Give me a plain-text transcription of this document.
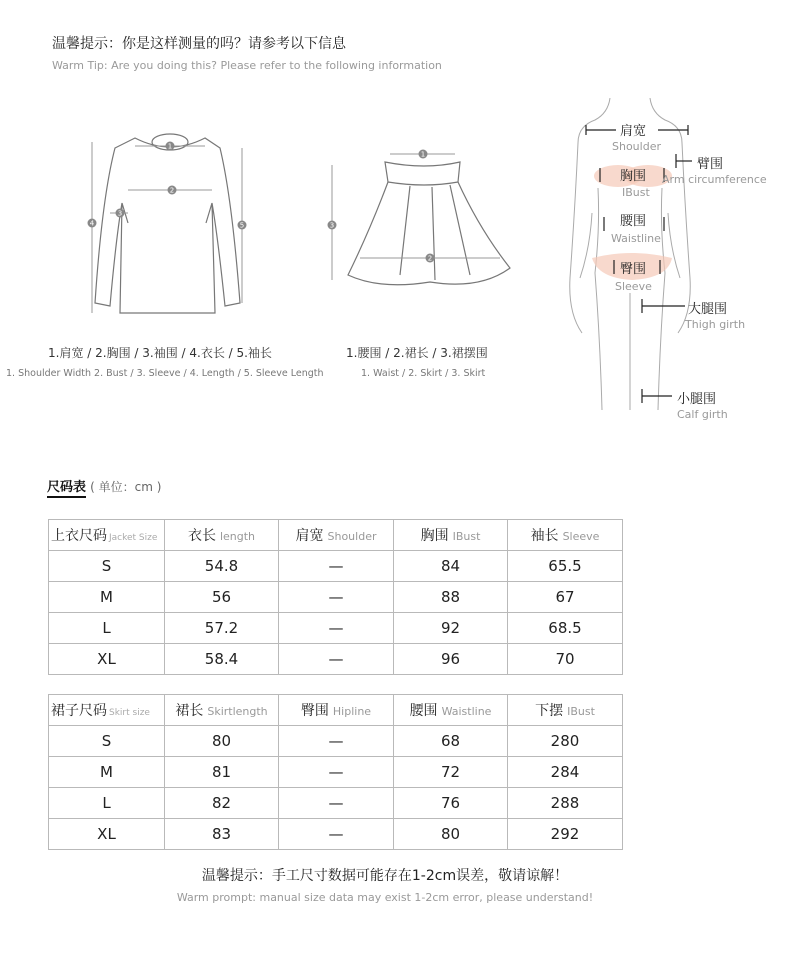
温馨提示：你是这样测量的吗？请参考以下信息
Warm Tip: Are you doing this? Please refer to the following information
1
2
3
4	5
1.肩宽 / 2.胸围 / 3.袖围 / 4.衣长 / 5.袖长
1. Shoulder Width 2. Bust / 3. Sleeve / 4. Length / 5. Sleeve Length
1
2
3
1.腰围 / 2.裙长 / 3.裙摆围
1. Waist / 2. Skirt / 3. Skirt
肩宽
Shoulder
胸围
IBust
腰围
Waistline
臀围
Sleeve
臂围
Arm circumference
大腿围
Thigh girth
小腿围
Calf girth
尺码表 ( 单位：cm )
上衣尺码 Jacket Size	衣长 length	肩宽 Shoulder	胸围 IBust	袖长 Sleeve
S	54.8	—	84	65.5
M	56	—	88	67
L	57.2	—	92	68.5
XL	58.4	—	96	70
裙子尺码 Skirt size	裙长 Skirtlength	臀围 Hipline	腰围 Waistline	下摆 IBust
S	80	—	68	280
M	81	—	72	284
L	82	—	76	288
XL	83	—	80	292
温馨提示：手工尺寸数据可能存在1-2cm误差，敬请谅解！
Warm prompt: manual size data may exist 1-2cm error, please understand!
